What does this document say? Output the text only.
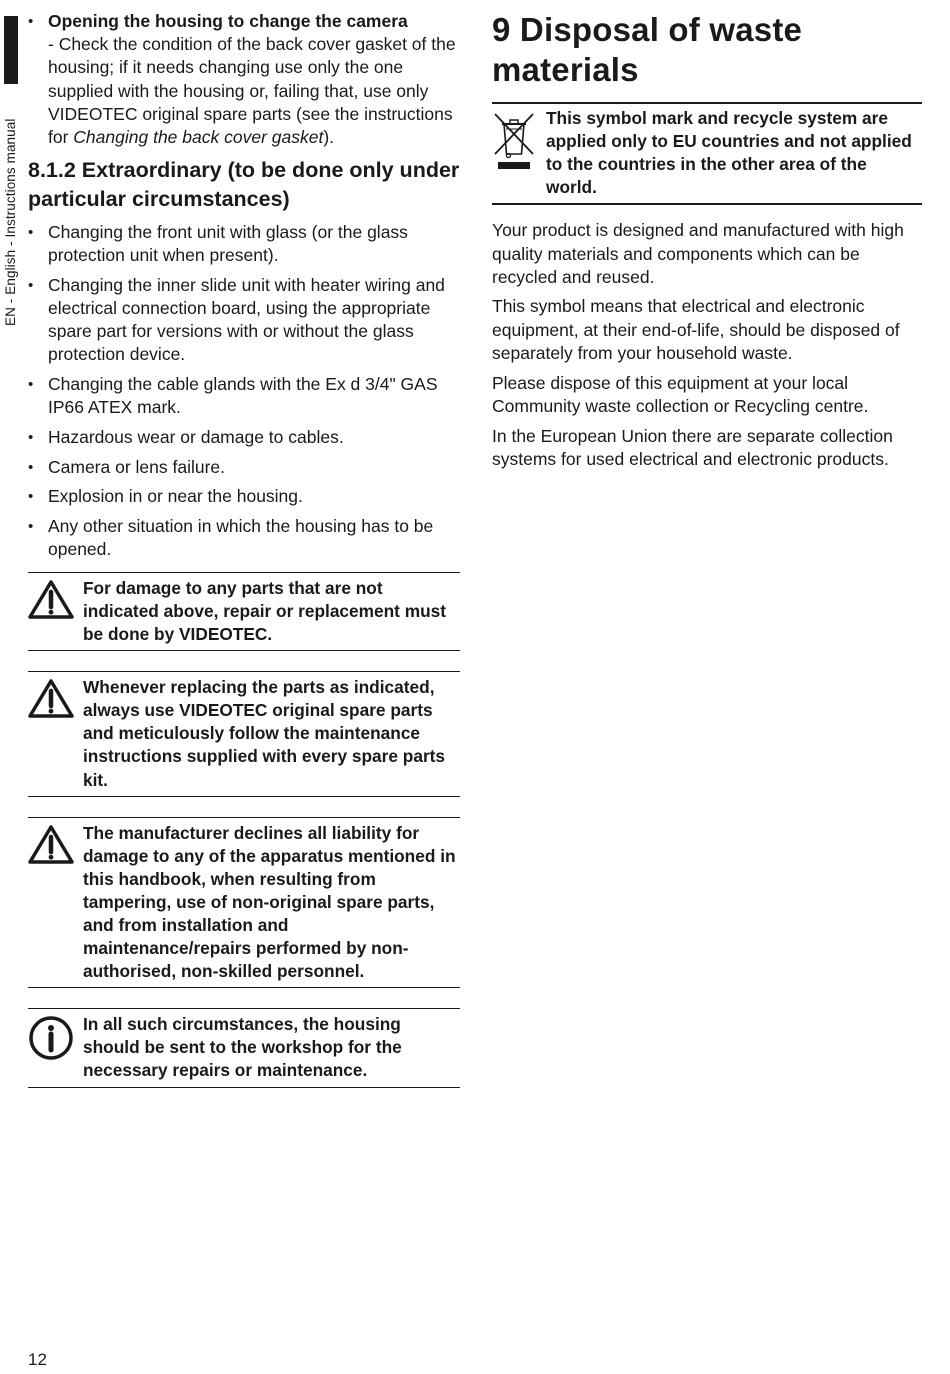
EN - English - Instructions manual
• Opening the housing to change the camera
- Check the condition of the back cover gasket of the housing; if it needs changing use only the one supplied with the housing or, failing that, use only VIDEOTEC original spare parts (see the instructions for Changing the back cover gasket).
8.1.2 Extraordinary (to be done only under particular circumstances)
• Changing the front unit with glass (or the glass protection unit when present).
• Changing the inner slide unit with heater wiring and electrical connection board, using the appropriate spare part for versions with or without the glass protection device.
• Changing the cable glands with the Ex d 3/4" GAS IP66 ATEX mark.
• Hazardous wear or damage to cables.
• Camera or lens failure.
• Explosion in or near the housing.
• Any other situation in which the housing has to be opened.
For damage to any parts that are not indicated above, repair or replacement must be done by VIDEOTEC.
Whenever replacing the parts as indicated, always use VIDEOTEC original spare parts and meticulously follow the maintenance instructions supplied with every spare parts kit.
The manufacturer declines all liability for damage to any of the apparatus mentioned in this handbook, when resulting from tampering, use of non-original spare parts, and from installation and maintenance/repairs performed by non-authorised, non-skilled personnel.
In all such circumstances, the housing should be sent to the workshop for the necessary repairs or maintenance.
9 Disposal of waste materials
This symbol mark and recycle system are applied only to EU countries and not applied to the countries in the other area of the world.

Your product is designed and manufactured with high quality materials and components which can be recycled and reused.

This symbol means that electrical and electronic equipment, at their end-of-life, should be disposed of separately from your household waste.

Please dispose of this equipment at your local Community waste collection or Recycling centre.

In the European Union there are separate collection systems for used electrical and electronic products.

12
